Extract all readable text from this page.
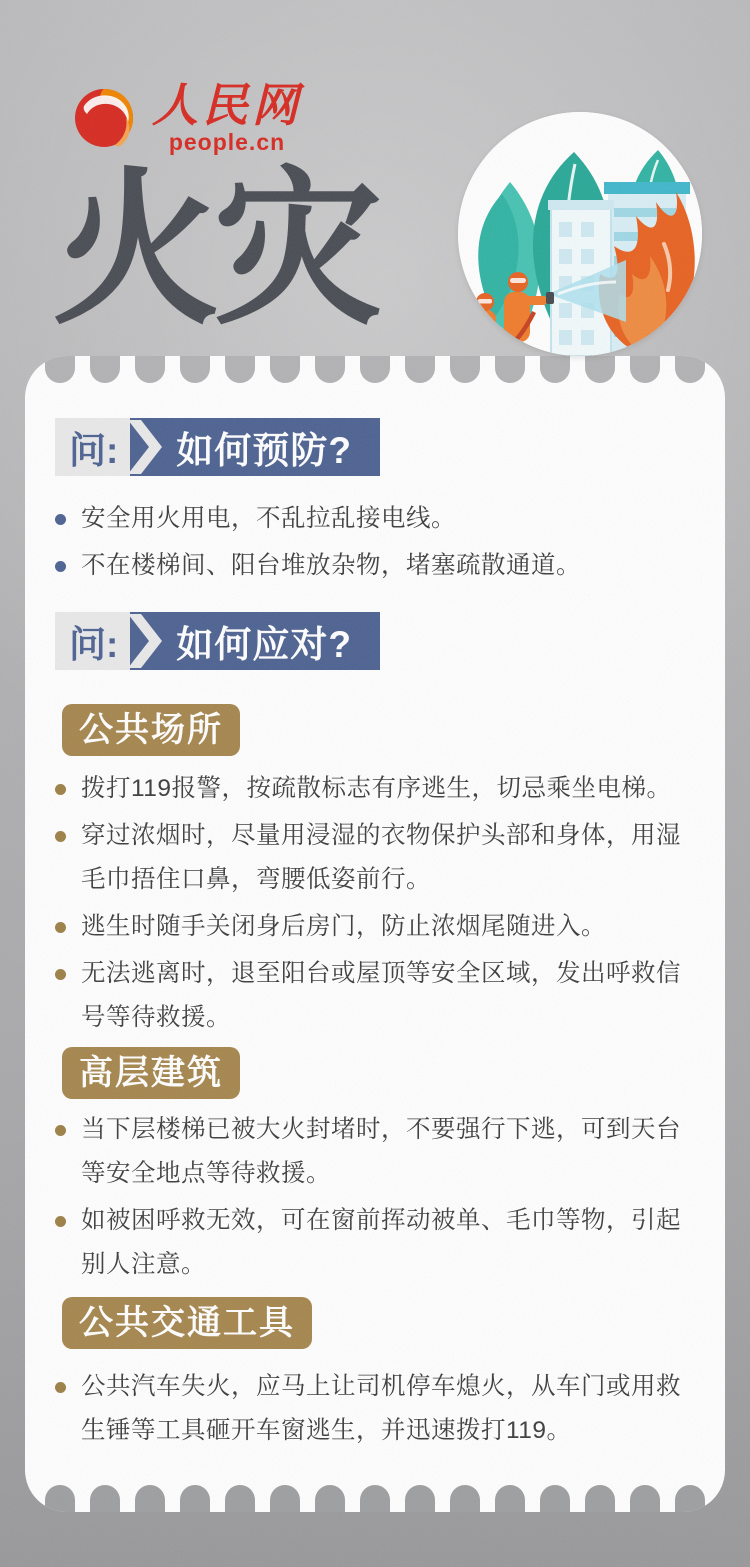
人民网
people.cn
火灾
问:	如何预防?
安全用火用电，不乱拉乱接电线。
不在楼梯间、阳台堆放杂物，堵塞疏散通道。
问:	如何应对?
公共场所
拨打119报警，按疏散标志有序逃生，切忌乘坐电梯。
穿过浓烟时，尽量用浸湿的衣物保护头部和身体，用湿毛巾捂住口鼻，弯腰低姿前行。
逃生时随手关闭身后房门，防止浓烟尾随进入。
无法逃离时，退至阳台或屋顶等安全区域，发出呼救信号等待救援。
高层建筑
当下层楼梯已被大火封堵时，不要强行下逃，可到天台等安全地点等待救援。
如被困呼救无效，可在窗前挥动被单、毛巾等物，引起别人注意。
公共交通工具
公共汽车失火，应马上让司机停车熄火，从车门或用救生锤等工具砸开车窗逃生，并迅速拨打119。
